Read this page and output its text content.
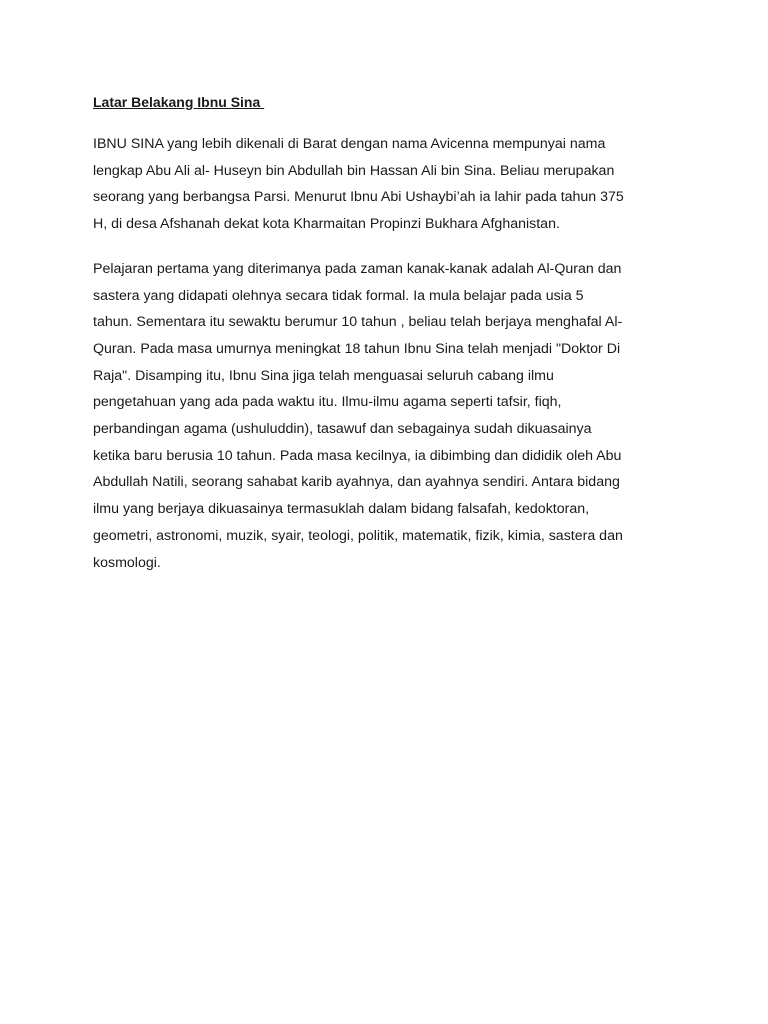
Latar Belakang Ibnu Sina
IBNU SINA yang lebih dikenali di Barat dengan nama Avicenna mempunyai nama
lengkap Abu Ali al- Huseyn bin Abdullah bin Hassan Ali bin Sina. Beliau merupakan
seorang yang berbangsa Parsi. Menurut Ibnu Abi Ushaybi’ah ia lahir pada tahun 375
H, di desa Afshanah dekat kota Kharmaitan Propinzi Bukhara Afghanistan.
Pelajaran pertama yang diterimanya pada zaman kanak-kanak adalah Al-Quran dan
sastera yang didapati olehnya secara tidak formal. Ia mula belajar pada usia 5
tahun. Sementara itu sewaktu berumur 10 tahun , beliau telah berjaya menghafal Al-
Quran. Pada masa umurnya meningkat 18 tahun Ibnu Sina telah menjadi "Doktor Di
Raja". Disamping itu, Ibnu Sina jiga telah menguasai seluruh cabang ilmu
pengetahuan yang ada pada waktu itu. Ilmu-ilmu agama seperti tafsir, fiqh,
perbandingan agama (ushuluddin), tasawuf dan sebagainya sudah dikuasainya
ketika baru berusia 10 tahun. Pada masa kecilnya, ia dibimbing dan dididik oleh Abu
Abdullah Natili, seorang sahabat karib ayahnya, dan ayahnya sendiri. Antara bidang
ilmu yang berjaya dikuasainya termasuklah dalam bidang falsafah, kedoktoran,
geometri, astronomi, muzik, syair, teologi, politik, matematik, fizik, kimia, sastera dan
kosmologi.
